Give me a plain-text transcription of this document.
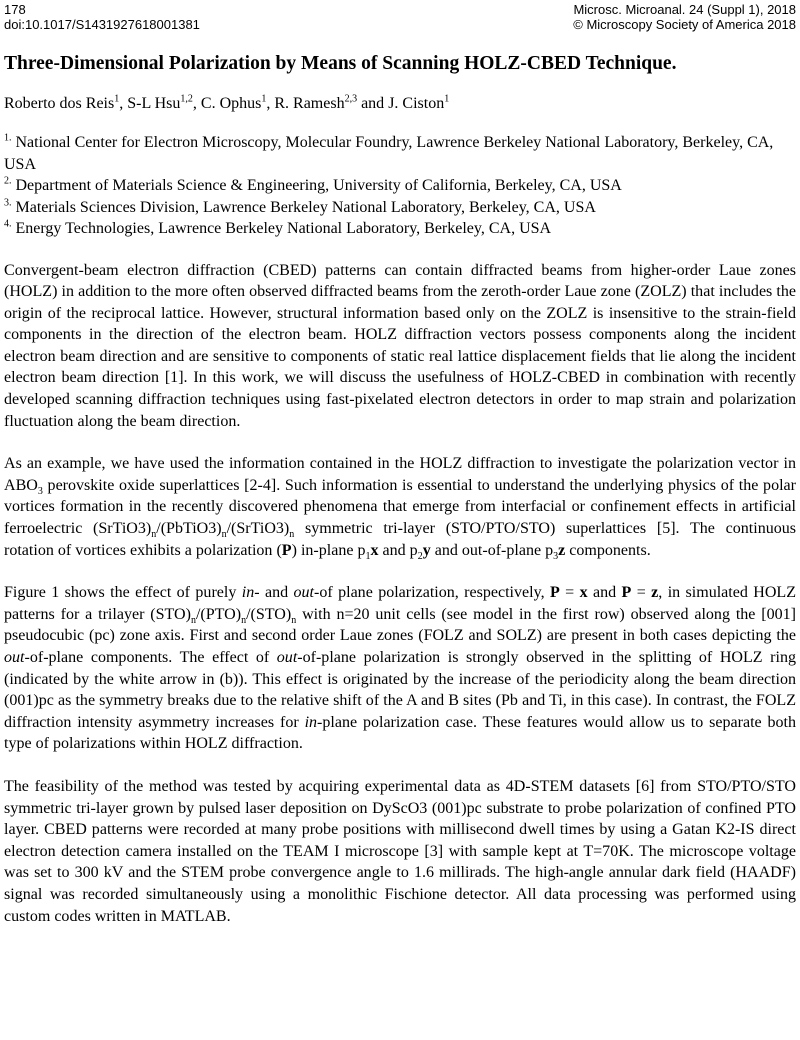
178
doi:10.1017/S1431927618001381
Microsc. Microanal. 24 (Suppl 1), 2018
© Microscopy Society of America 2018
Three-Dimensional Polarization by Means of Scanning HOLZ-CBED Technique.
Roberto dos Reis$^1$, S-L Hsu$^{1,2}$, C. Ophus$^1$, R. Ramesh$^{2,3}$ and J. Ciston$^1$
$^{1.}$ National Center for Electron Microscopy, Molecular Foundry, Lawrence Berkeley National Laboratory, Berkeley, CA, USA
$^{2.}$ Department of Materials Science & Engineering, University of California, Berkeley, CA, USA
$^{3.}$ Materials Sciences Division, Lawrence Berkeley National Laboratory, Berkeley, CA, USA
$^{4.}$ Energy Technologies, Lawrence Berkeley National Laboratory, Berkeley, CA, USA

Convergent-beam electron diffraction (CBED) patterns can contain diffracted beams from higher-order Laue zones (HOLZ) in addition to the more often observed diffracted beams from the zeroth-order Laue zone (ZOLZ) that includes the origin of the reciprocal lattice. However, structural information based only on the ZOLZ is insensitive to the strain-field components in the direction of the electron beam. HOLZ diffraction vectors possess components along the incident electron beam direction and are sensitive to components of static real lattice displacement fields that lie along the incident electron beam direction [1]. In this work, we will discuss the usefulness of HOLZ-CBED in combination with recently developed scanning diffraction techniques using fast-pixelated electron detectors in order to map strain and polarization fluctuation along the beam direction.

As an example, we have used the information contained in the HOLZ diffraction to investigate the polarization vector in $ABO_3$ perovskite oxide superlattices [2-4]. Such information is essential to understand the underlying physics of the polar vortices formation in the recently discovered phenomena that emerge from interfacial or confinement effects in artificial ferroelectric $(SrTiO3)_n/(PbTiO3)_n/(SrTiO3)_n$ symmetric tri-layer (STO/PTO/STO) superlattices [5]. The continuous rotation of vortices exhibits a polarization (P) in-plane $p_1x$ and $p_2y$ and out-of-plane $p_3z$ components.

Figure 1 shows the effect of purely in- and out-of plane polarization, respectively, P = x and P = z, in simulated HOLZ patterns for a trilayer $(STO)_n/(PTO)_n/(STO)_n$ with n=20 unit cells (see model in the first row) observed along the [001] pseudocubic (pc) zone axis. First and second order Laue zones (FOLZ and SOLZ) are present in both cases depicting the out-of-plane components. The effect of out-of-plane polarization is strongly observed in the splitting of HOLZ ring (indicated by the white arrow in (b)). This effect is originated by the increase of the periodicity along the beam direction (001)pc as the symmetry breaks due to the relative shift of the A and B sites (Pb and Ti, in this case). In contrast, the FOLZ diffraction intensity asymmetry increases for in-plane polarization case. These features would allow us to separate both type of polarizations within HOLZ diffraction.

The feasibility of the method was tested by acquiring experimental data as 4D-STEM datasets [6] from STO/PTO/STO symmetric tri-layer grown by pulsed laser deposition on DyScO3 (001)pc substrate to probe polarization of confined PTO layer. CBED patterns were recorded at many probe positions with millisecond dwell times by using a Gatan K2-IS direct electron detection camera installed on the TEAM I microscope [3] with sample kept at T=70K. The microscope voltage was set to 300 kV and the STEM probe convergence angle to 1.6 millirads. The high-angle annular dark field (HAADF) signal was recorded simultaneously using a monolithic Fischione detector. All data processing was performed using custom codes written in MATLAB.
